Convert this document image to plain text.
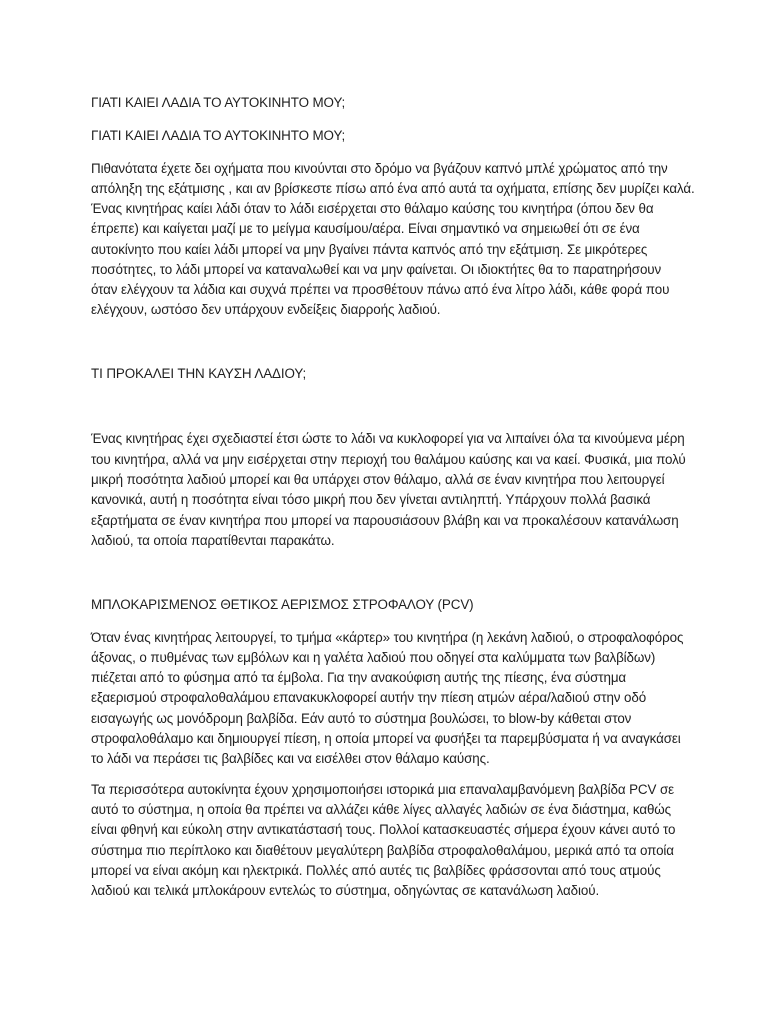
ΓΙΑΤΙ ΚΑΙΕΙ ΛΑΔΙΑ ΤΟ ΑΥΤΟΚΙΝΗΤΟ ΜΟΥ;
ΓΙΑΤΙ ΚΑΙΕΙ ΛΑΔΙΑ ΤΟ ΑΥΤΟΚΙΝΗΤΟ ΜΟΥ;
Πιθανότατα έχετε δει οχήματα που κινούνται στο δρόμο να βγάζουν καπνό μπλέ χρώματος από την
απόληξη της εξάτμισης , και αν βρίσκεστε πίσω από ένα από αυτά τα οχήματα, επίσης δεν μυρίζει καλά.
Ένας κινητήρας καίει λάδι όταν το λάδι εισέρχεται στο θάλαμο καύσης του κινητήρα (όπου δεν θα
έπρεπε) και καίγεται μαζί με το μείγμα καυσίμου/αέρα. Είναι σημαντικό να σημειωθεί ότι σε ένα
αυτοκίνητο που καίει λάδι μπορεί να μην βγαίνει πάντα καπνός από την εξάτμιση. Σε μικρότερες
ποσότητες, το λάδι μπορεί να καταναλωθεί και να μην φαίνεται. Οι ιδιοκτήτες θα το παρατηρήσουν
όταν ελέγχουν τα λάδια και συχνά πρέπει να προσθέτουν πάνω από ένα λίτρο λάδι, κάθε φορά που
ελέγχουν, ωστόσο δεν υπάρχουν ενδείξεις διαρροής λαδιού.
ΤΙ ΠΡΟΚΑΛΕΙ ΤΗΝ ΚΑΥΣΗ ΛΑΔΙΟΥ;
Ένας κινητήρας έχει σχεδιαστεί έτσι ώστε το λάδι να κυκλοφορεί για να λιπαίνει όλα τα κινούμενα μέρη
του κινητήρα, αλλά να μην εισέρχεται στην περιοχή του θαλάμου καύσης και να καεί. Φυσικά, μια πολύ
μικρή ποσότητα λαδιού μπορεί και θα υπάρχει στον θάλαμο, αλλά σε έναν κινητήρα που λειτουργεί
κανονικά, αυτή η ποσότητα είναι τόσο μικρή που δεν γίνεται αντιληπτή. Υπάρχουν πολλά βασικά
εξαρτήματα σε έναν κινητήρα που μπορεί να παρουσιάσουν βλάβη και να προκαλέσουν κατανάλωση
λαδιού, τα οποία παρατίθενται παρακάτω.
ΜΠΛΟΚΑΡΙΣΜΕΝΟΣ ΘΕΤΙΚΟΣ ΑΕΡΙΣΜΟΣ ΣΤΡΟΦΑΛΟΥ (PCV)
Όταν ένας κινητήρας λειτουργεί, το τμήμα «κάρτερ» του κινητήρα (η λεκάνη λαδιού, ο στροφαλοφόρος
άξονας, ο πυθμένας των εμβόλων και η γαλέτα λαδιού που οδηγεί στα καλύμματα των βαλβίδων)
πιέζεται από το φύσημα από τα έμβολα. Για την ανακούφιση αυτής της πίεσης, ένα σύστημα
εξαερισμού στροφαλοθαλάμου επανακυκλοφορεί αυτήν την πίεση ατμών αέρα/λαδιού στην οδό
εισαγωγής ως μονόδρομη βαλβίδα. Εάν αυτό το σύστημα βουλώσει, το blow-by κάθεται στον
στροφαλοθάλαμο και δημιουργεί πίεση, η οποία μπορεί να φυσήξει τα παρεμβύσματα ή να αναγκάσει
το λάδι να περάσει τις βαλβίδες και να εισέλθει στον θάλαμο καύσης.
Τα περισσότερα αυτοκίνητα έχουν χρησιμοποιήσει ιστορικά μια επαναλαμβανόμενη βαλβίδα PCV σε
αυτό το σύστημα, η οποία θα πρέπει να αλλάζει κάθε λίγες αλλαγές λαδιών σε ένα διάστημα, καθώς
είναι φθηνή και εύκολη στην αντικατάστασή τους. Πολλοί κατασκευαστές σήμερα έχουν κάνει αυτό το
σύστημα πιο περίπλοκο και διαθέτουν μεγαλύτερη βαλβίδα στροφαλοθαλάμου, μερικά από τα οποία
μπορεί να είναι ακόμη και ηλεκτρικά. Πολλές από αυτές τις βαλβίδες φράσσονται από τους ατμούς
λαδιού και τελικά μπλοκάρουν εντελώς το σύστημα, οδηγώντας σε κατανάλωση λαδιού.
